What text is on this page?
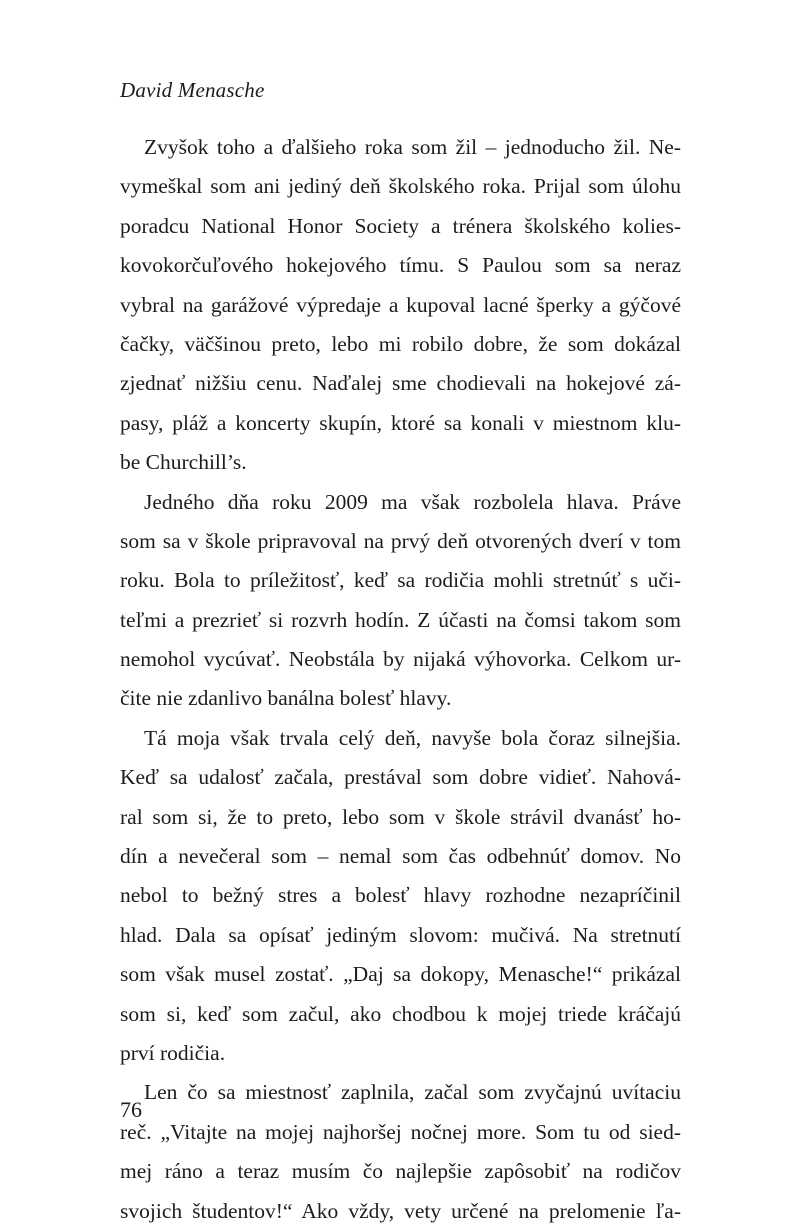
David Menasche
Zvyšok toho a ďalšieho roka som žil – jednoducho žil. Ne-
vymeškal som ani jediný deň školského roka. Prijal som úlohu
poradcu National Honor Society a trénera školského kolies-
kovokorčuľového hokejového tímu. S Paulou som sa neraz
vybral na garážové výpredaje a kupoval lacné šperky a gýčové
čačky, väčšinou preto, lebo mi robilo dobre, že som dokázal
zjednať nižšiu cenu. Naďalej sme chodievali na hokejové zá-
pasy, pláž a koncerty skupín, ktoré sa konali v miestnom klu-
be Churchill’s.
Jedného dňa roku 2009 ma však rozbolela hlava. Práve
som sa v škole pripravoval na prvý deň otvorených dverí v tom
roku. Bola to príležitosť, keď sa rodičia mohli stretnúť s uči-
teľmi a prezrieť si rozvrh hodín. Z účasti na čomsi takom som
nemohol vycúvať. Neobstála by nijaká výhovorka. Celkom ur-
čite nie zdanlivo banálna bolesť hlavy.
Tá moja však trvala celý deň, navyše bola čoraz silnejšia.
Keď sa udalosť začala, prestával som dobre vidieť. Nahová-
ral som si, že to preto, lebo som v škole strávil dvanásť ho-
dín a nevečeral som – nemal som čas odbehnúť domov. No
nebol to bežný stres a bolesť hlavy rozhodne nezapríčinil
hlad. Dala sa opísať jediným slovom: mučivá. Na stretnutí
som však musel zostať. „Daj sa dokopy, Menasche!“ prikázal
som si, keď som začul, ako chodbou k mojej triede kráčajú
prví rodičia.
Len čo sa miestnosť zaplnila, začal som zvyčajnú uvítaciu
reč. „Vitajte na mojej najhoršej nočnej more. Som tu od sied-
mej ráno a teraz musím čo najlepšie zapôsobiť na rodičov
svojich študentov!“ Ako vždy, vety určené na prelomenie ľa-
76
